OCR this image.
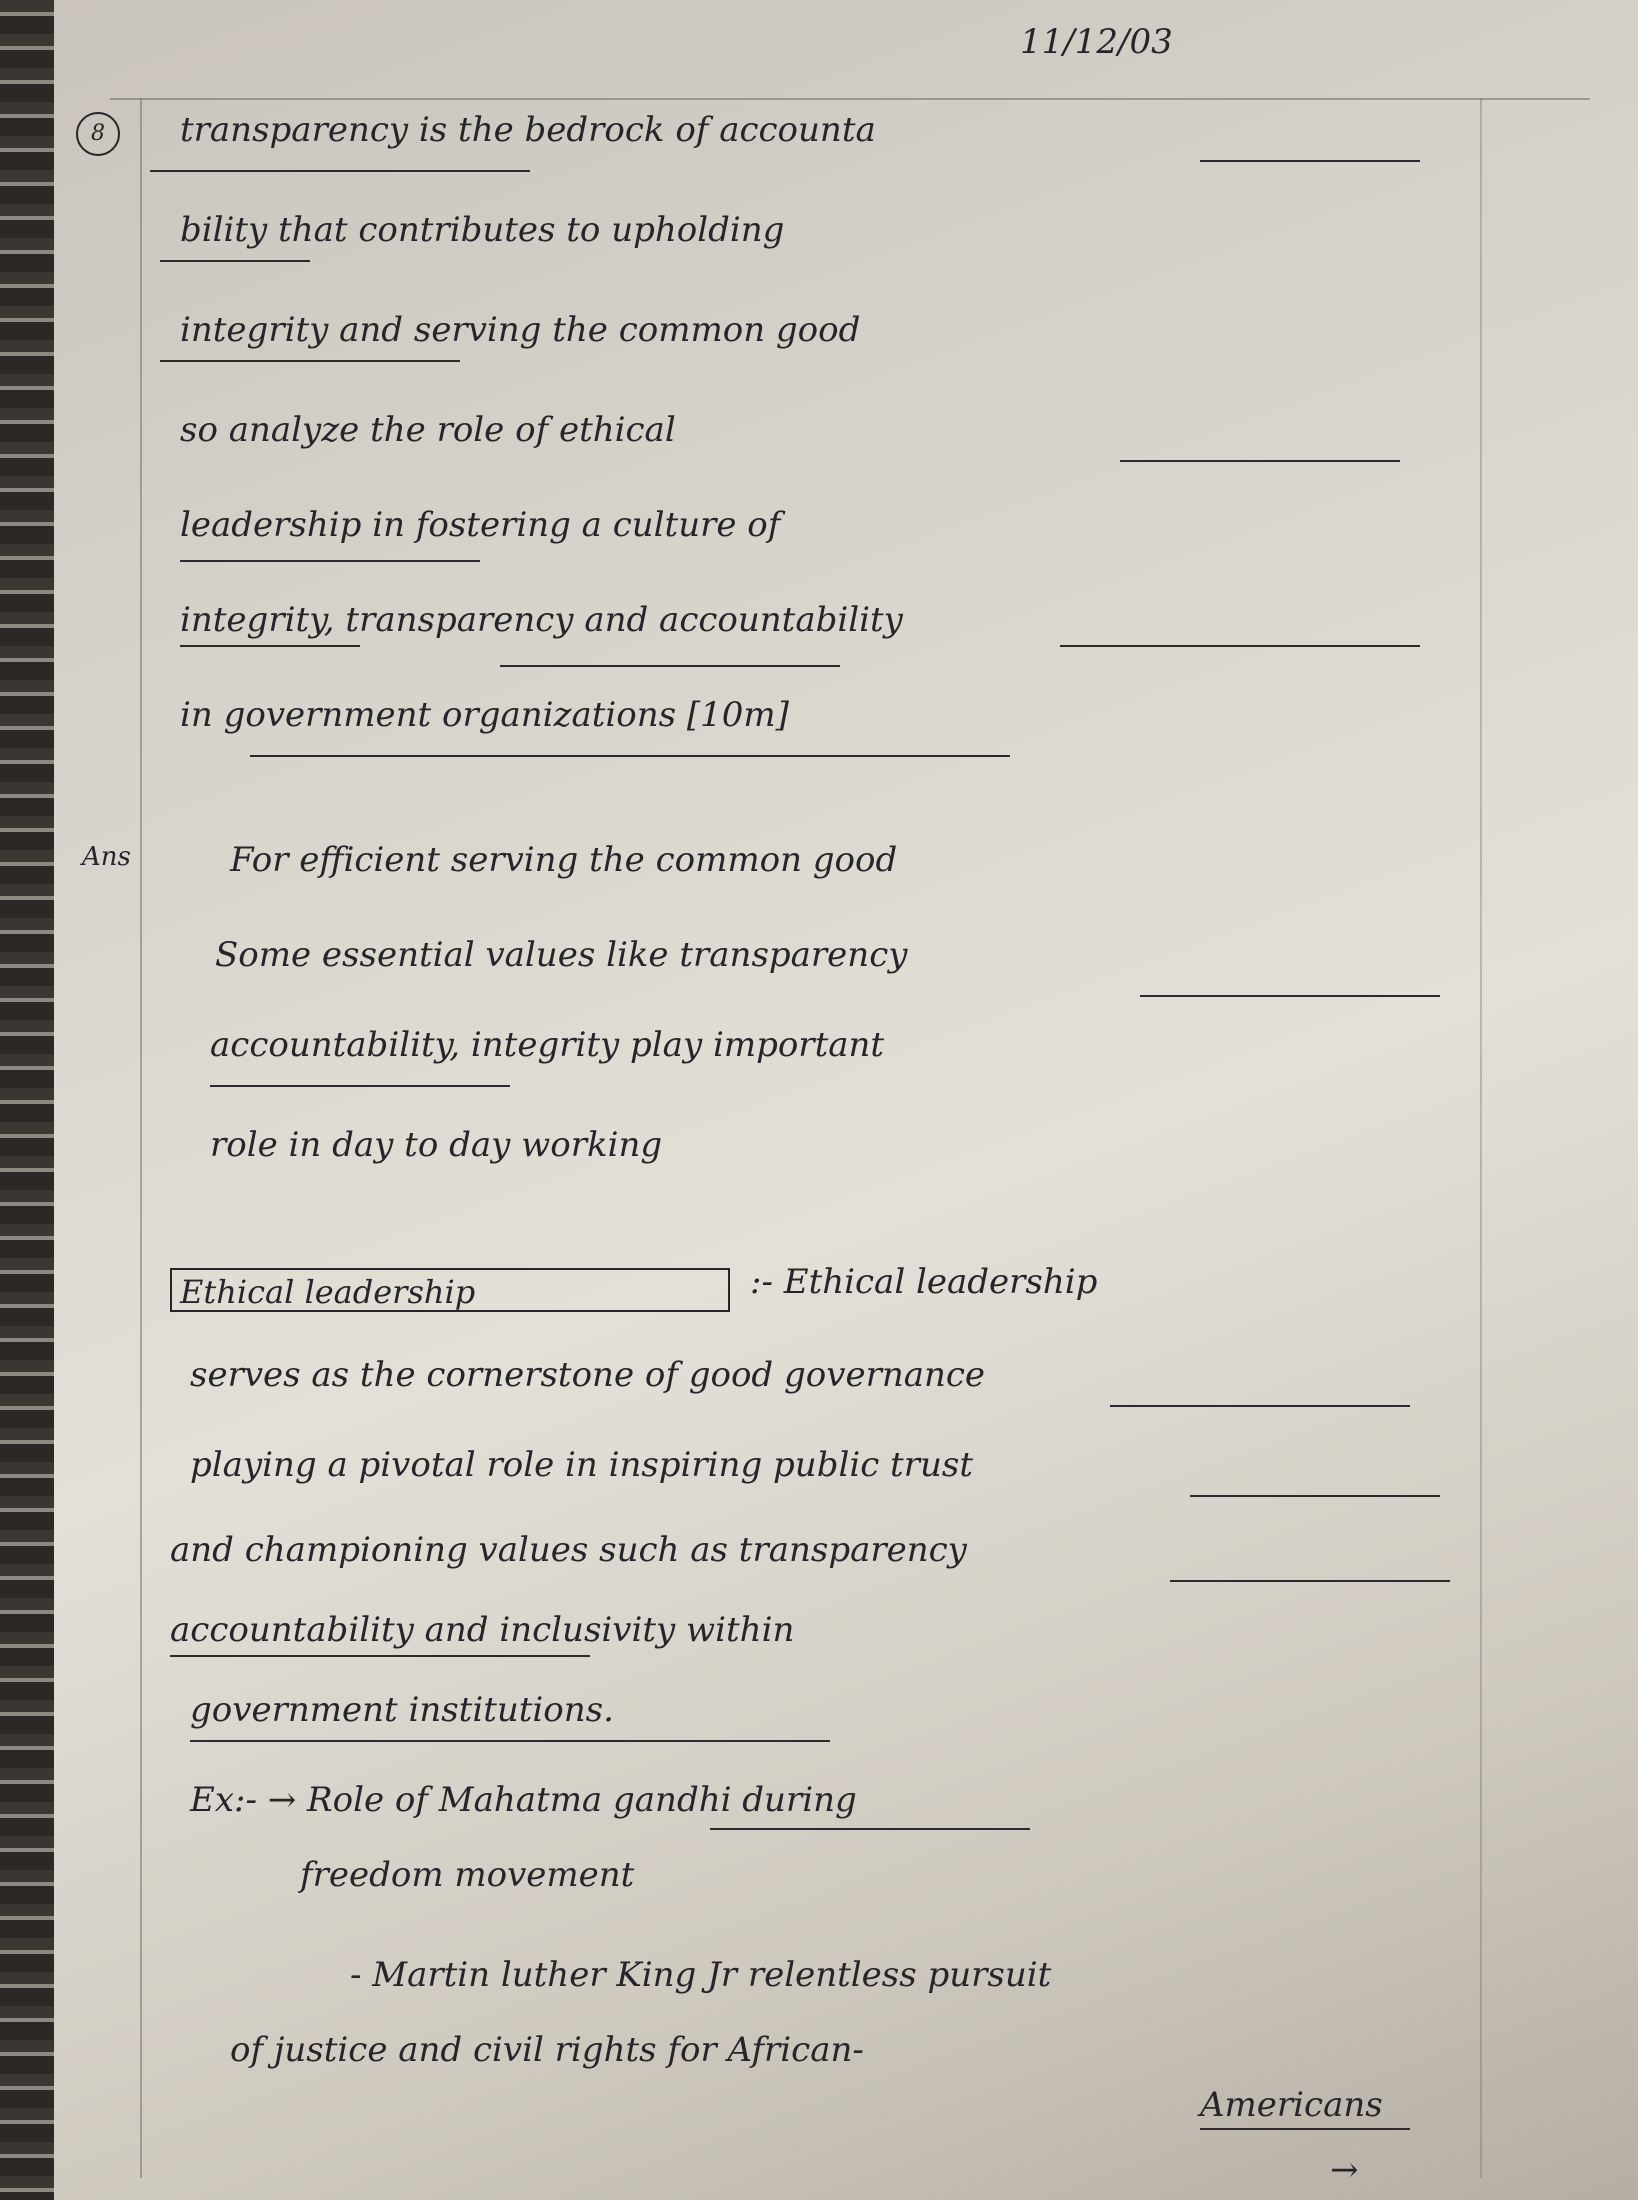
11/12/03
8	transparency is the bedrock of accounta
bility that contributes to upholding
integrity and serving the common good
so analyze the role of ethical
leadership in fostering a culture of
integrity, transparency and accountability
in government organizations [10m]
Ans	For efficient serving the common good
Some essential values like transparency
accountability, integrity play important
role in day to day working
Ethical leadership	:- Ethical leadership
serves as the cornerstone of good governance
playing a pivotal role in inspiring public trust
and championing values such as transparency
accountability and inclusivity within
government institutions.
Ex:- → Role of Mahatma gandhi during
freedom movement
- Martin luther King Jr relentless pursuit
of justice and civil rights for African-
Americans
→
